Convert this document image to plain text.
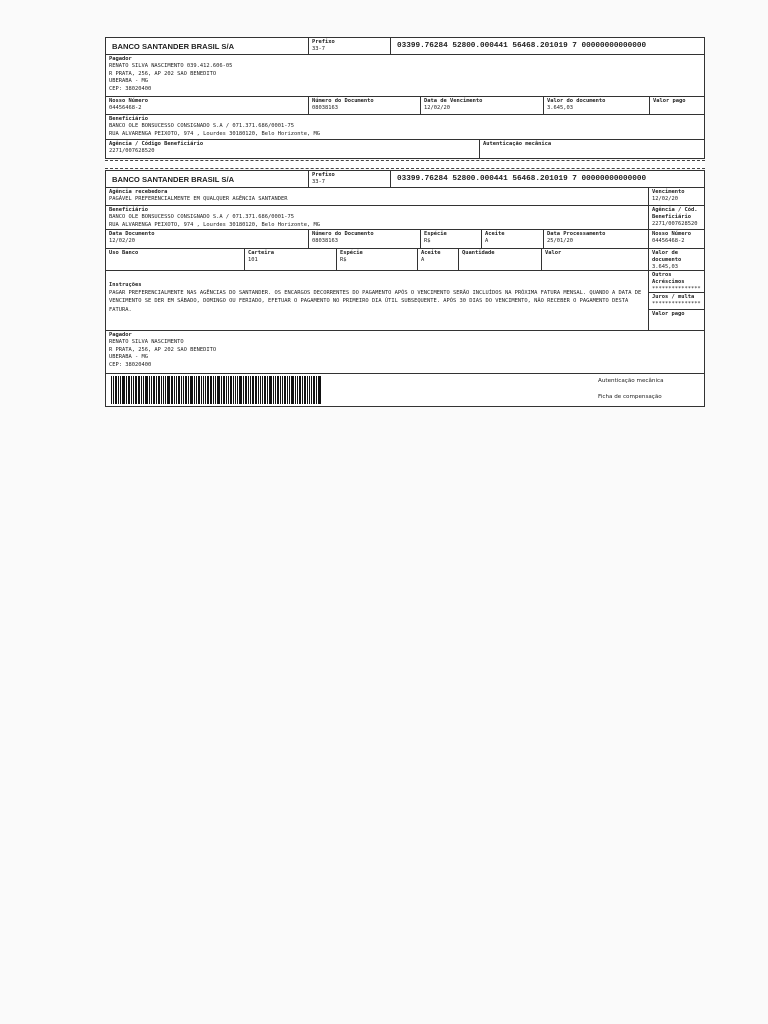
BANCO SANTANDER BRASIL S/A	Prefixo
33-7	03399.76284 52800.000441 56468.201019 7 00000000000000
Pagador
RENATO SILVA NASCIMENTO 039.412.606-05
R PRATA, 256, AP 202 SAO BENEDITO
UBERABA - MG
CEP: 38020400
Nosso Número
04456468-2
Número do Documento
08038163
Data de Vencimento
12/02/20
Valor do documento
3.645,03
Valor pago
Beneficiário
BANCO OLE BONSUCESSO CONSIGNADO S.A / 071.371.686/0001-75
RUA ALVARENGA PEIXOTO, 974 , Lourdes 30180120, Belo Horizonte, MG
Agência / Código Beneficiário
2271/007628520
Autenticação mecânica
BANCO SANTANDER BRASIL S/A	Prefixo
33-7	03399.76284 52800.000441 56468.201019 7 00000000000000
Agência recebedora
PAGÁVEL PREFERENCIALMENTE EM QUALQUER AGÊNCIA SANTANDER
Beneficiário
BANCO OLE BONSUCESSO CONSIGNADO S.A / 071.371.686/0001-75
RUA ALVARENGA PEIXOTO, 974 , Lourdes 30180120, Belo Horizonte, MG
Data Documento
12/02/20
Número do Documento
08038163
Espécie
R$
Aceite
A
Data Processamento
25/01/20
Uso Banco	Carteira
101
Espécie
R$
Aceite
A
Quantidade	Valor
Instruções
PAGAR PREFERENCIALMENTE NAS AGÊNCIAS DO SANTANDER. OS ENCARGOS DECORRENTES DO PAGAMENTO APÓS O VENCIMENTO SERÃO INCLUÍDOS NA PRÓXIMA FATURA MENSAL. QUANDO A DATA DE VENCIMENTO SE DER EM SÁBADO, DOMINGO OU FERIADO, EFETUAR O PAGAMENTO NO PRIMEIRO DIA ÚTIL SUBSEQUENTE. APÓS 30 DIAS DO VENCIMENTO, NÃO RECEBER O PAGAMENTO DESTA FATURA.
Vencimento
12/02/20
Agência / Cód. Beneficiário
2271/007628520
Nosso Número
04456468-2
Valor de documento
3.645,03
Outros Acréscimos
***************
Juros / multa
***************
Valor pago
Pagador
RENATO SILVA NASCIMENTO
R PRATA, 256, AP 202 SAO BENEDITO
UBERABA - MG
CEP: 38020400
Autenticação mecânica
Ficha de compensação
